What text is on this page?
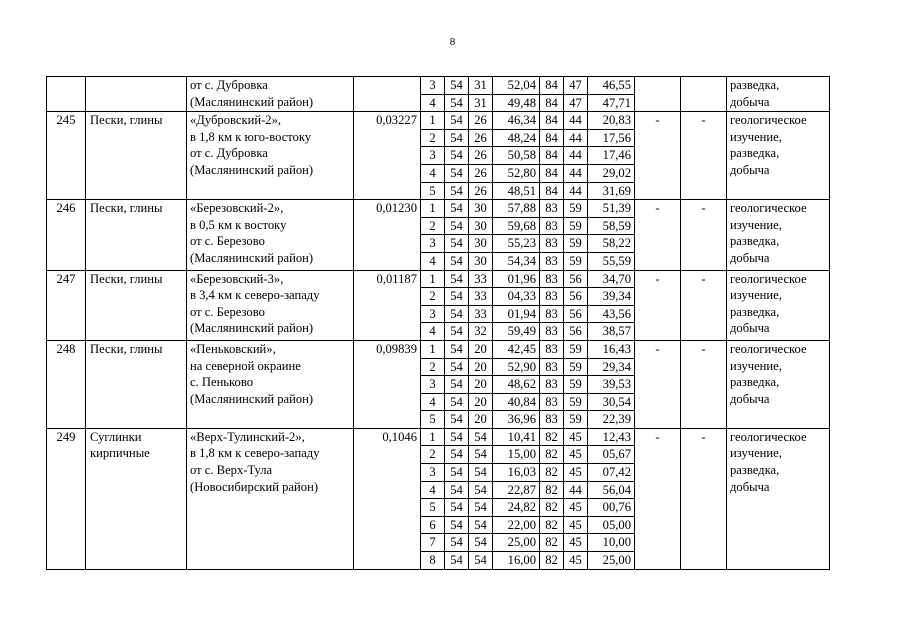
8

		от с. Дубровка
(Маслянинский район)		3	54	31	52,04	84	47	46,55			разведка,
добыча

				4	54	31	49,48	84	47	47,71			
245	Пески, глины	«Дубровский-2»,
в 1,8 км к юго-востоку
от с. Дубровка
(Маслянинский район)	0,03227	1	54	26	46,34	84	44	20,83	-	-	геологическое
изучение,
разведка,
добыча

				2	54	26	48,24	84	44	17,56			
				3	54	26	50,58	84	44	17,46			
				4	54	26	52,80	84	44	29,02			
				5	54	26	48,51	84	44	31,69			
246	Пески, глины	«Березовский-2»,
в 0,5 км к востоку
от с. Березово
(Маслянинский район)	0,01230	1	54	30	57,88	83	59	51,39	-	-	геологическое
изучение,
разведка,
добыча

				2	54	30	59,68	83	59	58,59			
				3	54	30	55,23	83	59	58,22			
				4	54	30	54,34	83	59	55,59			
247	Пески, глины	«Березовский-3»,
в 3,4 км к северо-западу
от с. Березово
(Маслянинский район)	0,01187	1	54	33	01,96	83	56	34,70	-	-	геологическое
изучение,
разведка,
добыча

				2	54	33	04,33	83	56	39,34			
				3	54	33	01,94	83	56	43,56			
				4	54	32	59,49	83	56	38,57			
248	Пески, глины	«Пеньковский»,
на северной окраине
с. Пеньково
(Маслянинский район)	0,09839	1	54	20	42,45	83	59	16,43	-	-	геологическое
изучение,
разведка,
добыча

				2	54	20	52,90	83	59	29,34			
				3	54	20	48,62	83	59	39,53			
				4	54	20	40,84	83	59	30,54			
				5	54	20	36,96	83	59	22,39			
249	Суглинки
кирпичные	«Верх-Тулинский-2»,
в 1,8 км к северо-западу
от с. Верх-Тула
(Новосибирский район)	0,1046	1	54	54	10,41	82	45	12,43	-	-	геологическое
изучение,
разведка,
добыча

				2	54	54	15,00	82	45	05,67			
				3	54	54	16,03	82	45	07,42			
				4	54	54	22,87	82	44	56,04			
				5	54	54	24,82	82	45	00,76			
				6	54	54	22,00	82	45	05,00			
				7	54	54	25,00	82	45	10,00			
				8	54	54	16,00	82	45	25,00			
